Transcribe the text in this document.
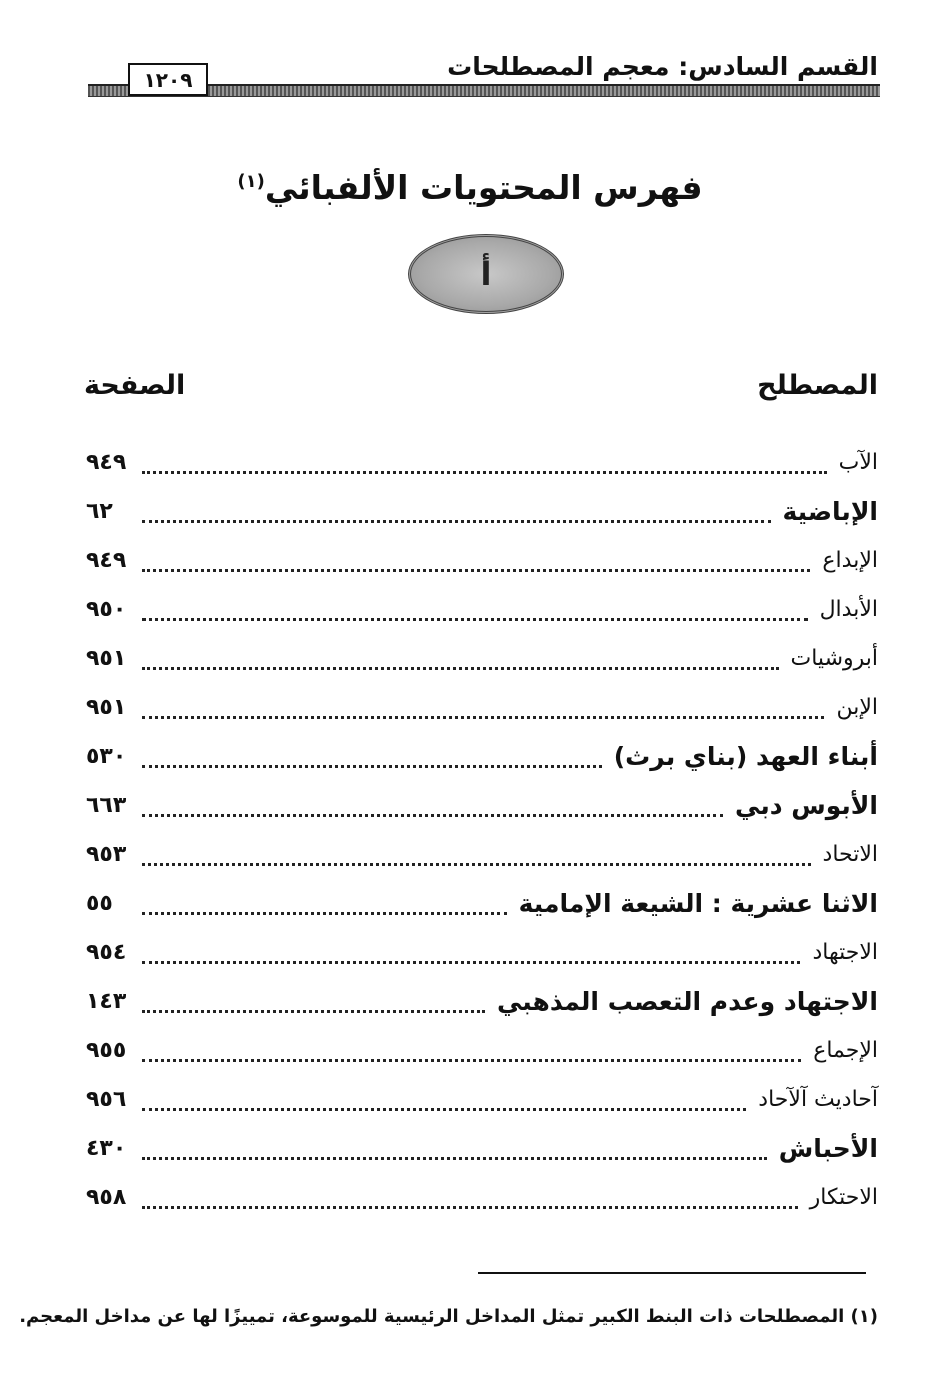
القسم السادس: معجم المصطلحات
١٢٠٩
فهرس المحتويات الألفبائي$^{(١)}$
أ
المصطلح
الصفحة
الآب
٩٤٩
الإباضية
٦٢
الإبداع
٩٤٩
الأبدال
٩٥٠
أبروشيات
٩٥١
الإبن
٩٥١
أبناء العهد (بناي برث)
٥٣٠
الأبوس دبي
٦٦٣
الاتحاد
٩٥٣
الاثنا عشرية : الشيعة الإمامية
٥٥
الاجتهاد
٩٥٤
الاجتهاد وعدم التعصب المذهبي
١٤٣
الإجماع
٩٥٥
آحاديث آلآحاد
٩٥٦
الأحباش
٤٣٠
الاحتكار
٩٥٨
(١) المصطلحات ذات البنط الكبير تمثل المداخل الرئيسية للموسوعة، تمييزًا لها عن مداخل المعجم.
